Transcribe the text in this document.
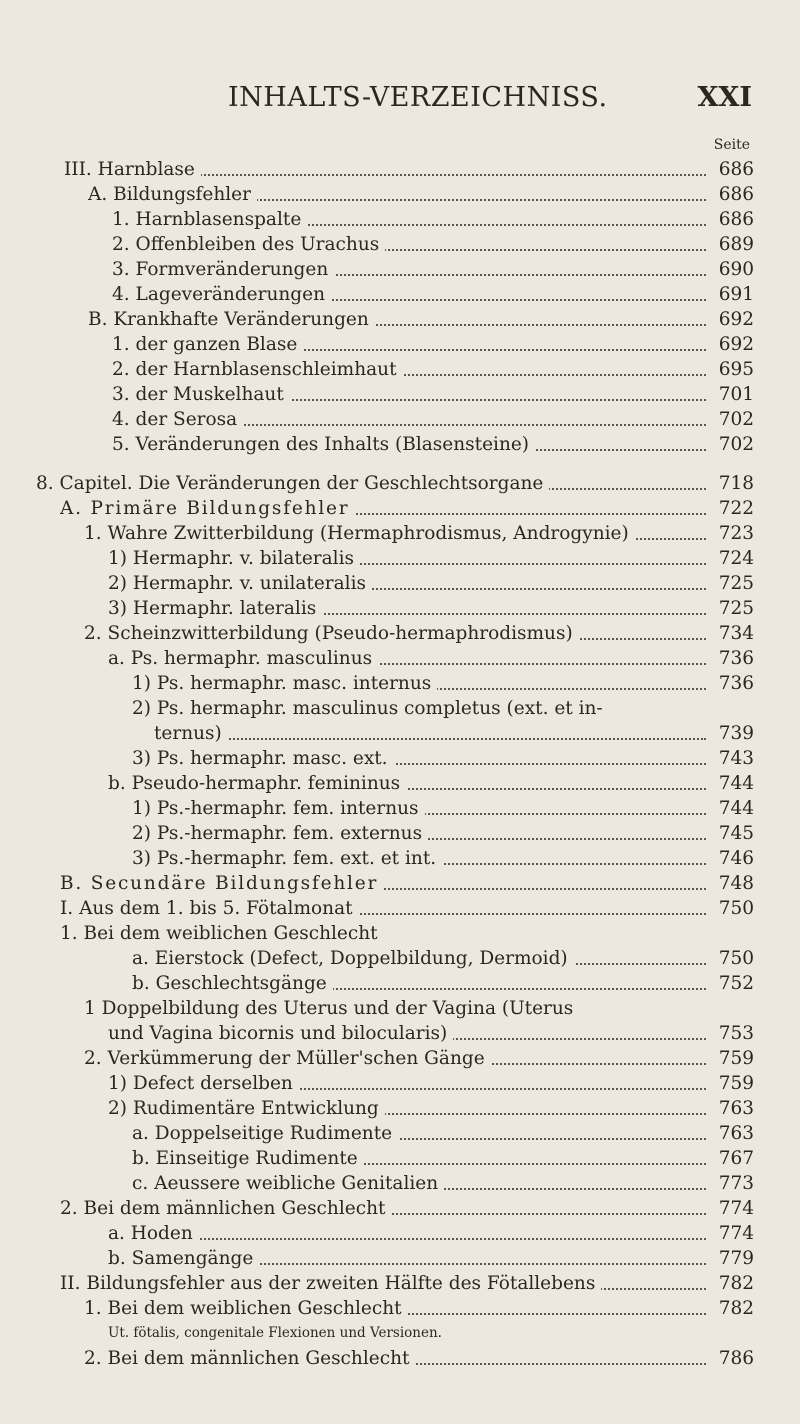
INHALTS-VERZEICHNISS.	XXI
Seite
III. Harnblase	686
A. Bildungsfehler	686
1. Harnblasenspalte	686
2. Offenbleiben des Urachus	689
3. Formveränderungen	690
4. Lageveränderungen	691
B. Krankhafte Veränderungen	692
1. der ganzen Blase	692
2. der Harnblasenschleimhaut	695
3. der Muskelhaut	701
4. der Serosa	702
5. Veränderungen des Inhalts (Blasensteine)	702
8. Capitel. Die Veränderungen der Geschlechtsorgane	718
A. Primäre Bildungsfehler	722
1. Wahre Zwitterbildung (Hermaphrodismus, Androgynie)	723
1) Hermaphr. v. bilateralis	724
2) Hermaphr. v. unilateralis	725
3) Hermaphr. lateralis	725
2. Scheinzwitterbildung (Pseudo-hermaphrodismus)	734
a. Ps. hermaphr. masculinus	736
1) Ps. hermaphr. masc. internus	736
2) Ps. hermaphr. masculinus completus (ext. et in-
ternus)	739
3) Ps. hermaphr. masc. ext.	743
b. Pseudo-hermaphr. femininus	744
1) Ps.-hermaphr. fem. internus	744
2) Ps.-hermaphr. fem. externus	745
3) Ps.-hermaphr. fem. ext. et int.	746
B. Secundäre Bildungsfehler	748
I. Aus dem 1. bis 5. Fötalmonat	750
1. Bei dem weiblichen Geschlecht
a. Eierstock (Defect, Doppelbildung, Dermoid)	750
b. Geschlechtsgänge	752
1 Doppelbildung des Uterus und der Vagina (Uterus
und Vagina bicornis und bilocularis)	753
2. Verkümmerung der Müller'schen Gänge	759
1) Defect derselben	759
2) Rudimentäre Entwicklung	763
a. Doppelseitige Rudimente	763
b. Einseitige Rudimente	767
c. Aeussere weibliche Genitalien	773
2. Bei dem männlichen Geschlecht	774
a. Hoden	774
b. Samengänge	779
II. Bildungsfehler aus der zweiten Hälfte des Fötallebens	782
1. Bei dem weiblichen Geschlecht	782
Ut. fötalis, congenitale Flexionen und Versionen.
2. Bei dem männlichen Geschlecht	786
